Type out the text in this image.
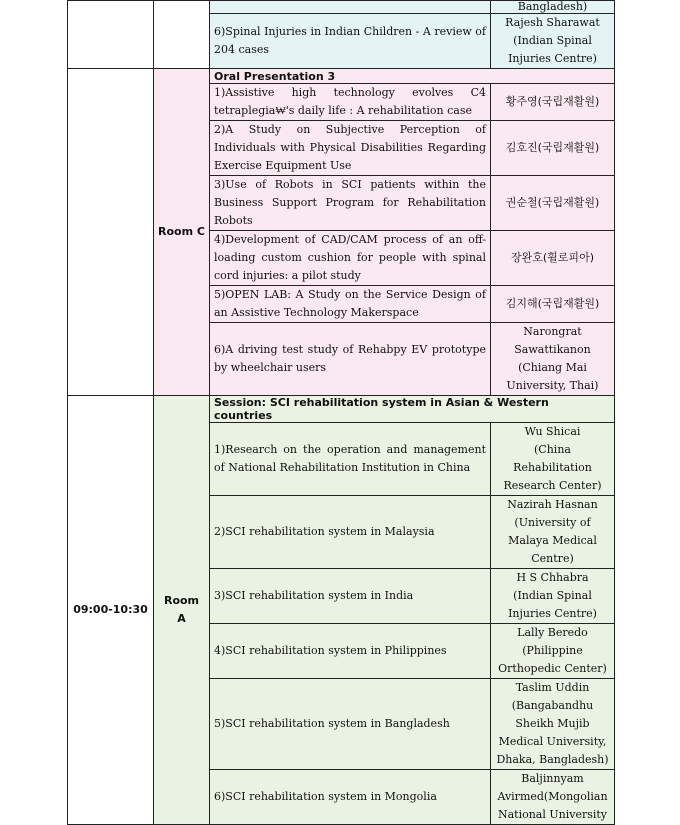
			Bangladesh)
		6)Spinal Injuries in Indian Children - A review of 204 cases	Rajesh Sharawat
(Indian Spinal
Injuries Centre)

	Room C	Oral Presentation 3	
		1)Assistive high technology evolves C4 tetraplegia₩'s daily life : A rehabilitation case	황주영(국립재활원)
		2)A Study on Subjective Perception of Individuals with Physical Disabilities Regarding Exercise Equipment Use	김호진(국립재활원)
		3)Use of Robots in SCI patients within the Business Support Program for Rehabilitation Robots	권순철(국립재활원)
		4)Development of CAD/CAM process of an off-loading custom cushion for people with spinal cord injuries: a pilot study	장완호(휠로피아)
		5)OPEN LAB: A Study on the Service Design of an Assistive Technology Makerspace	김지해(국립재활원)
		6)A driving test study of Rehabpy EV prototype by wheelchair users	Narongrat
Sawattikanon
(Chiang Mai
University, Thai)

09:00-10:30	Room A	Session: SCI rehabilitation system in Asian & Western countries	
		1)Research on the operation and management of National Rehabilitation Institution in China	Wu Shicai
(China
Rehabilitation
Research Center)

		2)SCI rehabilitation system in Malaysia	Nazirah Hasnan
(University of
Malaya Medical
Centre)

		3)SCI rehabilitation system in India	H S Chhabra
(Indian Spinal
Injuries Centre)

		4)SCI rehabilitation system in Philippines	Lally Beredo
(Philippine
Orthopedic Center)

		5)SCI rehabilitation system in Bangladesh	Taslim Uddin
(Bangabandhu
Sheikh Mujib
Medical University,
Dhaka, Bangladesh)

		6)SCI rehabilitation system in Mongolia	Baljinnyam
Avirmed(Mongolian
National University
